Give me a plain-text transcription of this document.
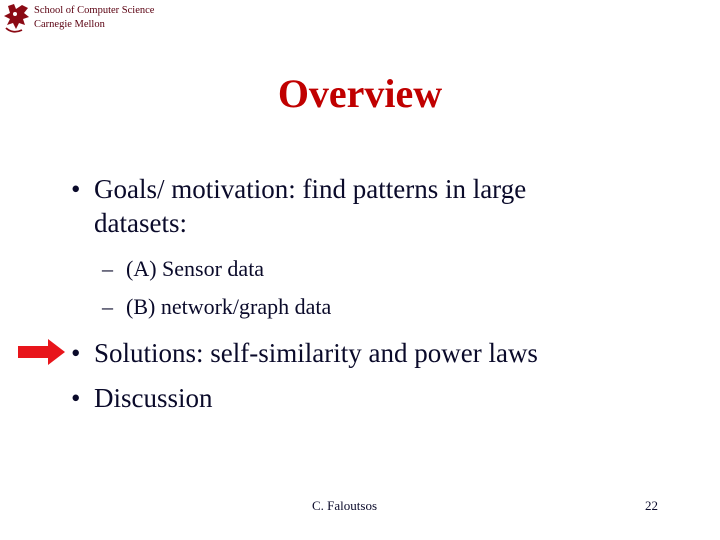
School of Computer Science
Carnegie Mellon
Overview
• Goals/ motivation: find patterns in large
datasets:
– (A) Sensor data
– (B) network/graph data
• Solutions: self-similarity and power laws
• Discussion
C. Faloutsos	22
